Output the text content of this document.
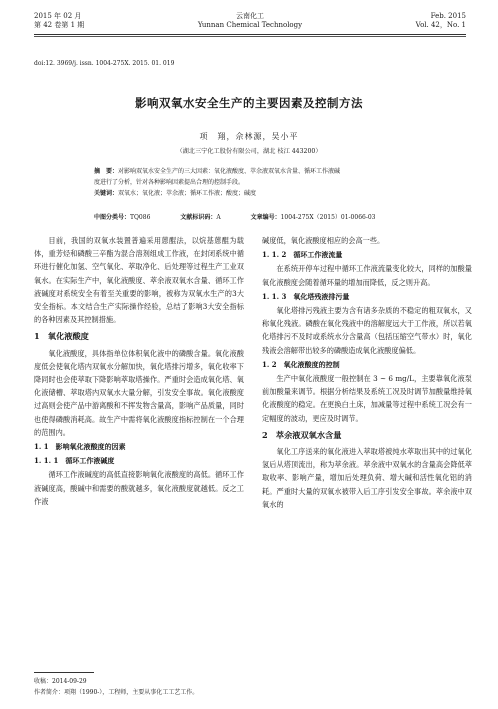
2015 年 02 月
第 42 卷第 1 期
云南化工
Yunnan Chemical Technology
Feb. 2015
Vol. 42，No. 1
doi:12. 3969/j. issn. 1004-275X. 2015. 01. 019
影响双氧水安全生产的主要因素及控制方法
项　翔，佘林源，吴小平
（湖北三宁化工股份有限公司，湖北 枝江 443200）

摘　要：对影响双氧水安全生产的三大因素：氧化液酸度、萃余液双氧水含量、循环工作液碱

度进行了分析，针对各种影响因素提出合理的控制手段。

关键词：双氧水；氧化液；萃余液；循环工作液；酸度；碱度

中图分类号：TQ086	文献标识码：A	文章编号：1004-275X（2015）01-0066-03

目前，我国的双氧水装置普遍采用蒽醌法，以烷基蒽醌为载体，重芳烃和磷酸三辛酯为混合溶剂组成工作液，在封闭系统中循环进行催化加氢、空气氧化、萃取净化、后处理等过程生产工业双氧水。在实际生产中，氧化液酸度、萃余液双氧水含量、循环工作液碱度对系统安全有着至关重要的影响，被称为双氧水生产的3大安全指标。本文结合生产实际操作经验，总结了影响3大安全指标的各种因素及其控制措施。

1　氧化液酸度

氧化液酸度，具体指单位体积氧化液中的磷酸含量。氧化液酸度低会使氧化塔内双氧水分解加快，氧化塔排污增多，氧化收率下降同时也会使萃取下降影响萃取塔操作。严重时会造成氧化塔、氧化液储槽、萃取塔内双氧水大量分解，引发安全事故。氧化液酸度过高则会使产品中游离酸和不挥发物含量高，影响产品质量，同时也使得磷酸消耗高。故生产中需将氧化液酸度指标控制在一个合理的范围内。

1. 1　影响氧化液酸度的因素
1. 1. 1　循环工作液碱度

循环工作液碱度的高低直接影响氧化液酸度的高低。循环工作液碱度高，酸碱中和需要的酸就越多，氧化液酸度就越低。反之工作液

碱度低，氧化液酸度相应的会高一些。

1. 1. 2　循环工作液流量

在系统开停车过程中循环工作液流量变化较大，同样的加酸量氧化液酸度会随着循环量的增加而降低，反之则升高。

1. 1. 3　氧化塔残液排污量

氧化塔排污残液主要为含有诸多杂质的不稳定的粗双氧水，又称氧化残液。磷酸在氧化残液中的溶解度远大于工作液，所以若氧化塔排污不及时或系统水分含量高（包括压缩空气带水）时，氧化残液会溶解带出较多的磷酸造成氧化液酸度偏低。

1. 2　氧化液酸度的控制

生产中氧化液酸度一般控制在 3 ~ 6 mg/L，主要靠氧化液泵前加酸量来调节。根据分析结果及系统工况及时调节加酸量维持氧化液酸度的稳定。在更换白土床，加减量等过程中系统工况会有一定幅度的波动，更应及时调节。

2　萃余液双氧水含量

氧化工序送来的氧化液进入萃取塔被纯水萃取出其中的过氧化氢后从塔顶流出，称为萃余液。萃余液中双氧水的含量高会降低萃取收率、影响产量，增加后处理负荷、增大碱和活性氧化铝的消耗。严重时大量的双氧水被带入后工序引发安全事故。萃余液中双氧水的

收稿：2014-09-29

作者简介：项翔（1990-），工程师，主要从事化工工艺工作。
